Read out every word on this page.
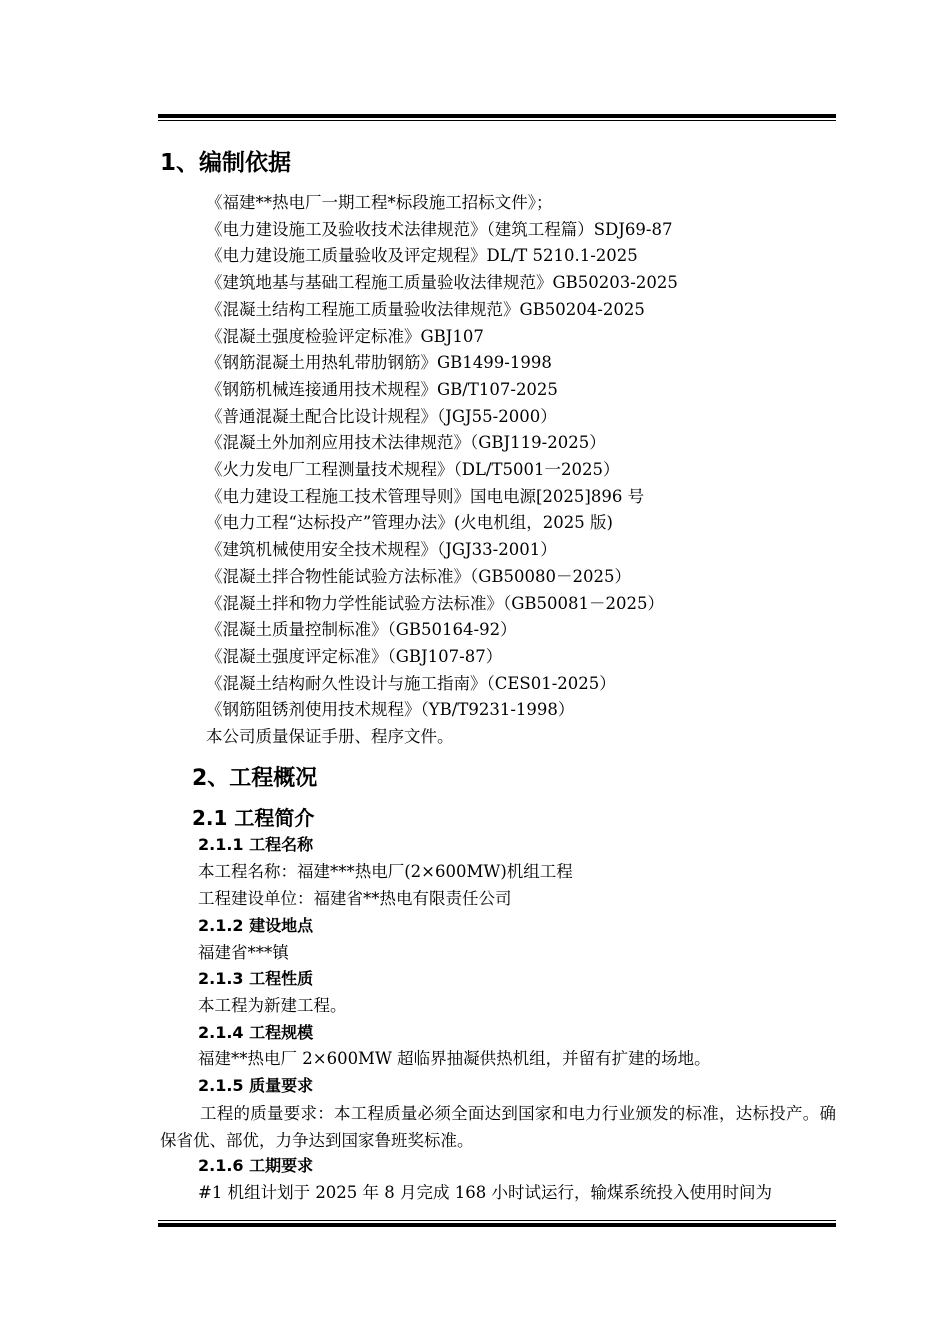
1、编制依据
《福建**热电厂一期工程*标段施工招标文件》；
《电力建设施工及验收技术法律规范》（建筑工程篇）SDJ69-87
《电力建设施工质量验收及评定规程》DL/T 5210.1-2025
《建筑地基与基础工程施工质量验收法律规范》GB50203-2025
《混凝土结构工程施工质量验收法律规范》GB50204-2025
《混凝土强度检验评定标准》GBJ107
《钢筋混凝土用热轧带肋钢筋》GB1499-1998
《钢筋机械连接通用技术规程》GB/T107-2025
《普通混凝土配合比设计规程》（JGJ55-2000）
《混凝土外加剂应用技术法律规范》（GBJ119-2025）
《火力发电厂工程测量技术规程》（DL/T5001一2025）
《电力建设工程施工技术管理导则》国电电源[2025]896 号
《电力工程“达标投产”管理办法》(火电机组，2025 版)
《建筑机械使用安全技术规程》（JGJ33-2001）
《混凝土拌合物性能试验方法标准》（GB50080－2025）
《混凝土拌和物力学性能试验方法标准》（GB50081－2025）
《混凝土质量控制标准》（GB50164-92）
《混凝土强度评定标准》（GBJ107-87）
《混凝土结构耐久性设计与施工指南》（CES01-2025）
《钢筋阻锈剂使用技术规程》（YB/T9231-1998）
本公司质量保证手册、程序文件。
2、工程概况
2.1 工程简介
2.1.1 工程名称
本工程名称：福建***热电厂(2×600MW)机组工程
工程建设单位：福建省**热电有限责任公司
2.1.2 建设地点
福建省***镇
2.1.3 工程性质
本工程为新建工程。
2.1.4 工程规模
福建**热电厂 2×600MW 超临界抽凝供热机组，并留有扩建的场地。
2.1.5 质量要求
工程的质量要求：本工程质量必须全面达到国家和电力行业颁发的标准，达标投产。确保省优、部优，力争达到国家鲁班奖标准。
2.1.6 工期要求
#1 机组计划于 2025 年 8 月完成 168 小时试运行，输煤系统投入使用时间为
